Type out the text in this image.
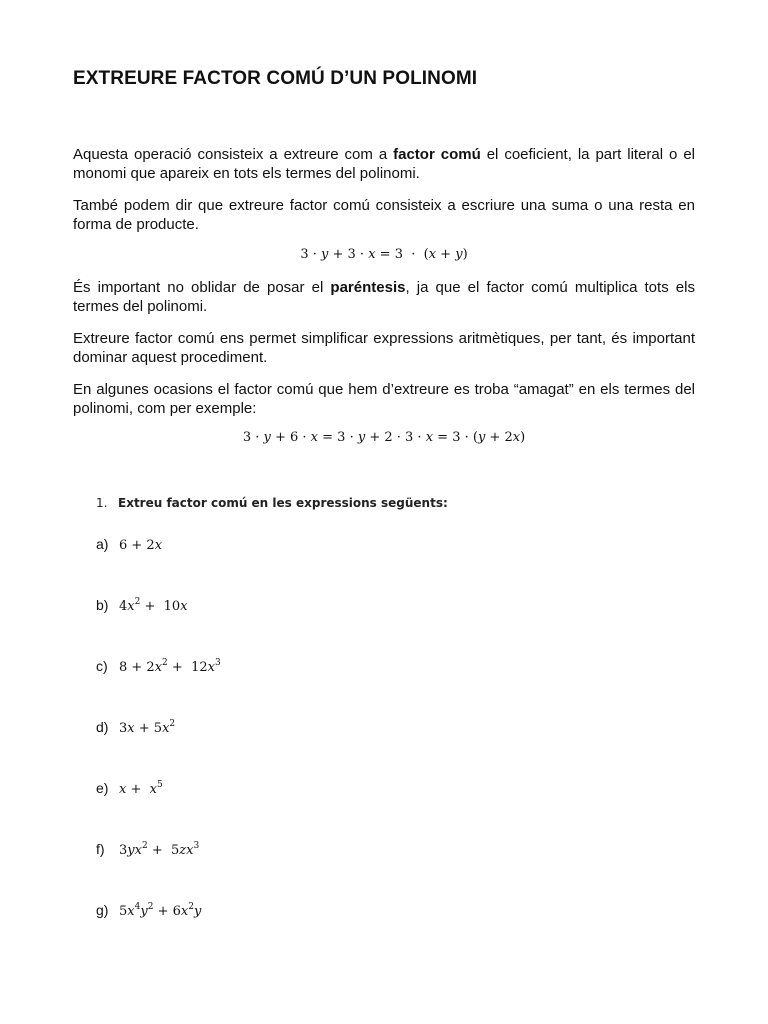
EXTREURE FACTOR COMÚ D’UN POLINOMI

Aquesta operació consisteix a extreure com a factor comú el coeficient, la part literal o el monomi que apareix en tots els termes del polinomi.

També podem dir que extreure factor comú consisteix a escriure una suma o una resta en forma de producte.

3 · y + 3 · x = 3  ·  (x + y)

És important no oblidar de posar el paréntesis, ja que el factor comú multiplica tots els termes del polinomi.

Extreure factor comú ens permet simplificar expressions aritmètiques, per tant, és important dominar aquest procediment.

En algunes ocasions el factor comú que hem d’extreure es troba “amagat” en els termes del polinomi, com per exemple:

3 · y + 6 · x = 3 · y + 2 · 3 · x = 3 · (y + 2x)
1. Extreu factor comú en les expressions següents:
a) 6 + 2x
b) $4x^2 + 10x$
c) $8 + 2x^2 + 12x^3$
d) $3x + 5x^2$
e) $x + x^5$
f)	$3yx^2 + 5zx^3$
g) $5x^4y^2 + 6x^2y$
